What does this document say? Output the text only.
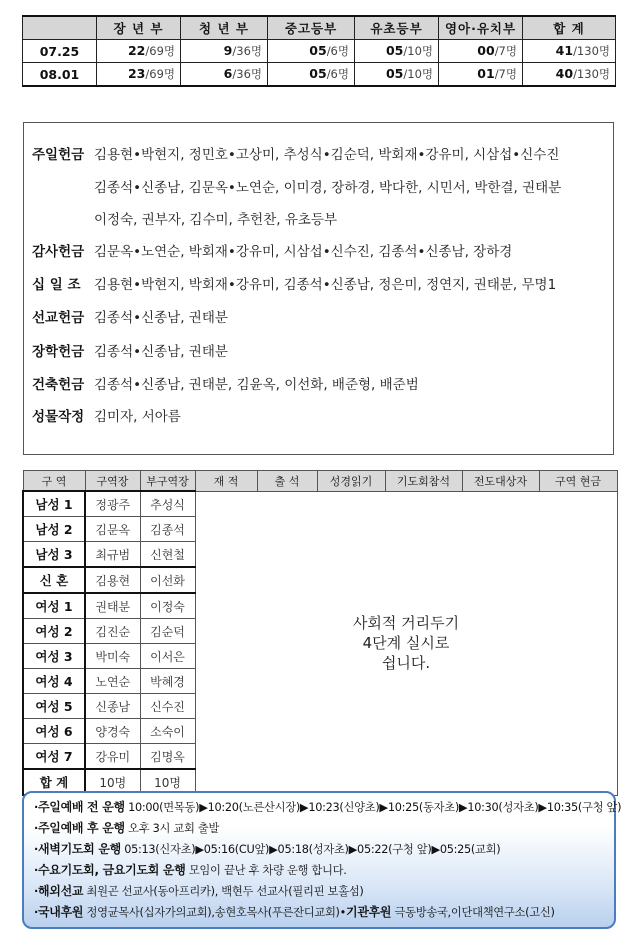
	장 년 부	청 년 부	중고등부	유초등부	영아·유치부	합 계
07.25	22/69명	9/36명	05/6명	05/10명	00/7명	41/130명
08.01	23/69명	6/36명	05/6명	05/10명	01/7명	40/130명
주일헌금 김용현•박현지, 정민호•고상미, 추성식•김순덕, 박회재•강유미, 시삼섭•신수진
김종석•신종남, 김문옥•노연순, 이미경, 장하경, 박다한, 시민서, 박한결, 권태분
이정숙, 권부자, 김수미, 추헌찬, 유초등부
감사헌금 김문옥•노연순, 박회재•강유미, 시삼섭•신수진, 김종석•신종남, 장하경
십 일 조 김용현•박현지, 박회재•강유미, 김종석•신종남, 정은미, 정연지, 권태분, 무명1
선교헌금 김종석•신종남, 권태분
장학헌금 김종석•신종남, 권태분
건축헌금 김종석•신종남, 권태분, 김윤옥, 이선화, 배준형, 배준범
성물작정 김미자, 서아름
구 역	구역장	부구역장	재 적	출 석	성경읽기	기도회참석	전도대상자	구역 현금
남성 1	정광주	추성식	사회적 거리두기
4단계 실시로
쉽니다.					

남성 2	김문옥	김종석						
남성 3	최규범	신현철						
신 혼	김용현	이선화						
여성 1	권태분	이정숙						
여성 2	김진순	김순덕						
여성 3	박미숙	이서은						
여성 4	노연순	박혜경						
여성 5	신종남	신수진						
여성 6	양경숙	소숙이						
여성 7	강유미	김명옥						
합 계	10명	10명						
·주일예배 전 운행 10:00(면목동)▶10:20(노른산시장)▶10:23(신양초)▶10:25(동자초)▶10:30(성자초)▶10:35(구청 앞)
·주일예배 후 운행 오후 3시 교회 출발
·새벽기도회 운행 05:13(신자초)▶05:16(CU앞)▶05:18(성자초)▶05:22(구청 앞)▶05:25(교회)
·수요기도회, 금요기도회 운행 모임이 끝난 후 차량 운행 합니다.
·해외선교 최원곤 선교사(동아프리카), 백현두 선교사(필리핀 보홀섬)
·국내후원 정영균목사(십자가의교회),송현호목사(푸른잔디교회)•기관후원 극동방송국,이단대책연구소(고신)
